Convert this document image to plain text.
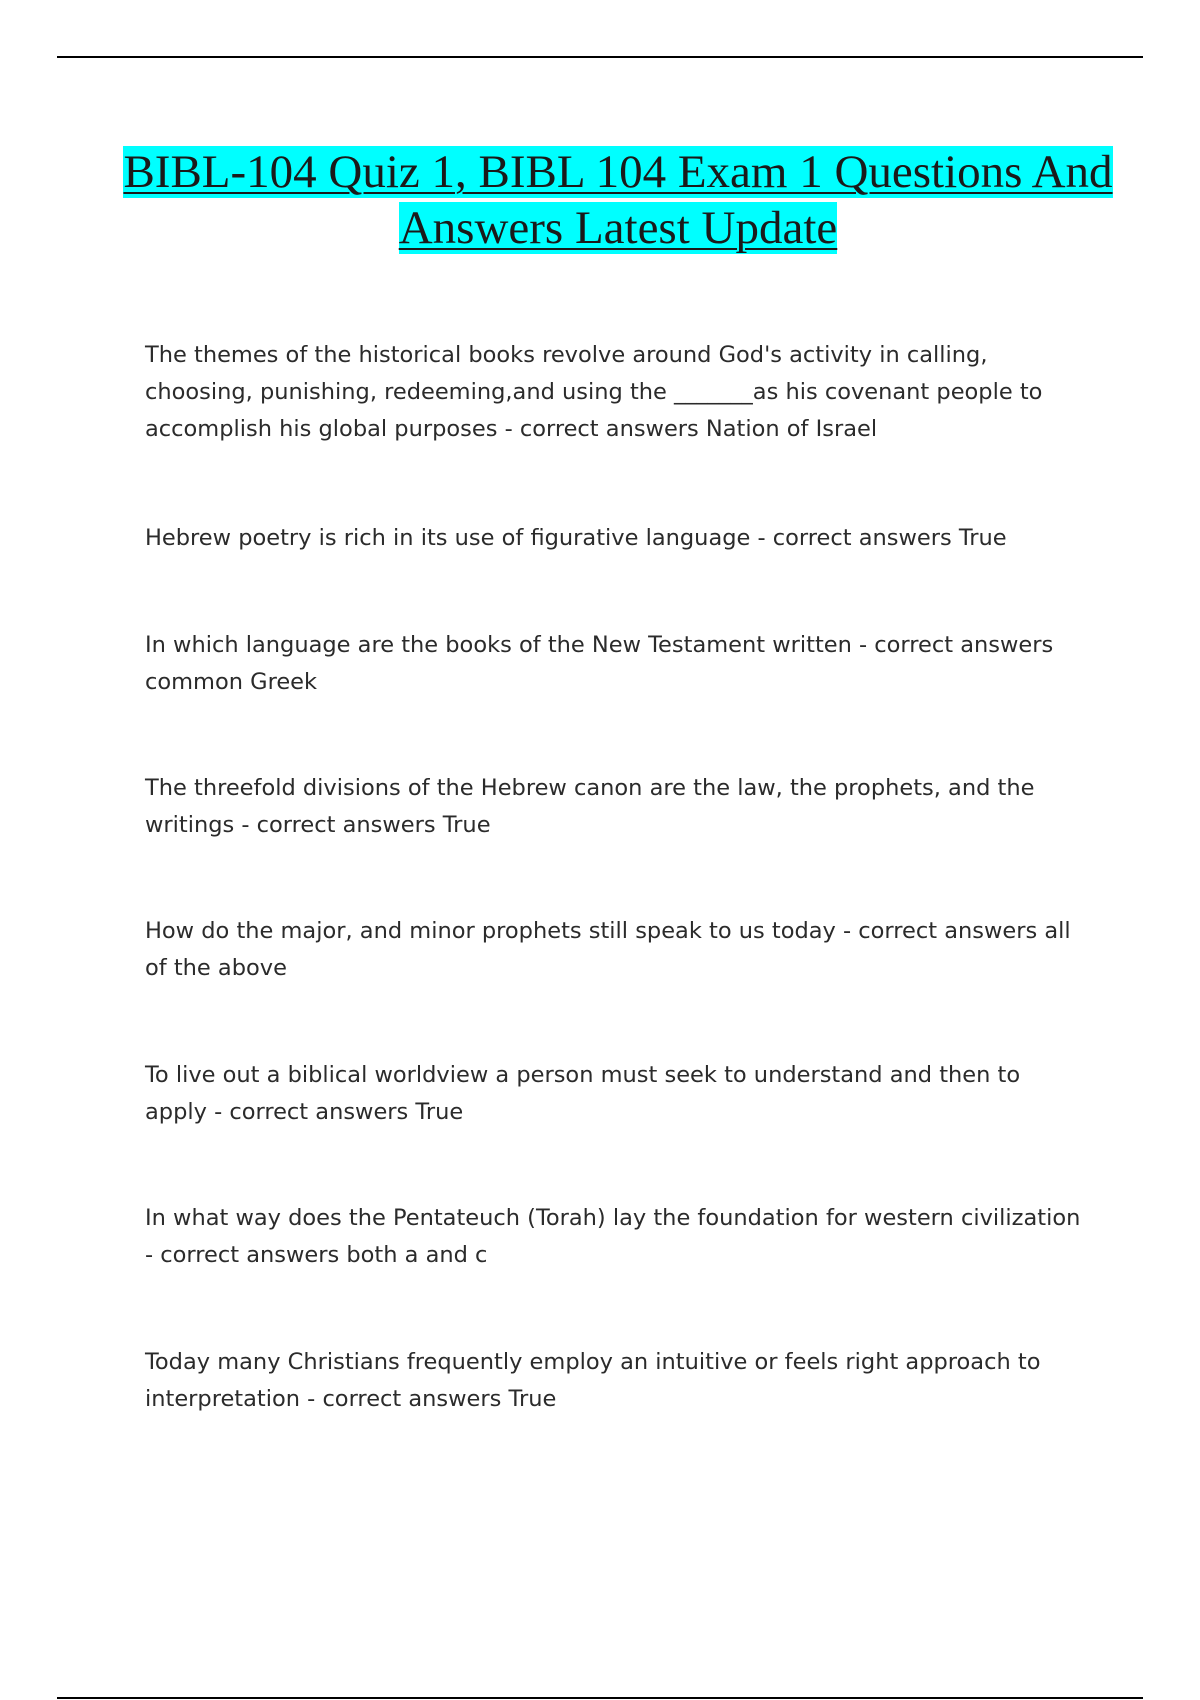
BIBL-104 Quiz 1, BIBL 104 Exam 1 Questions And Answers Latest Update

The themes of the historical books revolve around God's activity in calling, choosing, punishing, redeeming,and using the _______as his covenant people to accomplish his global purposes - correct answers Nation of Israel

Hebrew poetry is rich in its use of figurative language - correct answers True

In which language are the books of the New Testament written - correct answers common Greek

The threefold divisions of the Hebrew canon are the law, the prophets, and the writings - correct answers True

How do the major, and minor prophets still speak to us today - correct answers all of the above

To live out a biblical worldview a person must seek to understand and then to apply - correct answers True

In what way does the Pentateuch (Torah) lay the foundation for western civilization - correct answers both a and c

Today many Christians frequently employ an intuitive or feels right approach to interpretation - correct answers True
